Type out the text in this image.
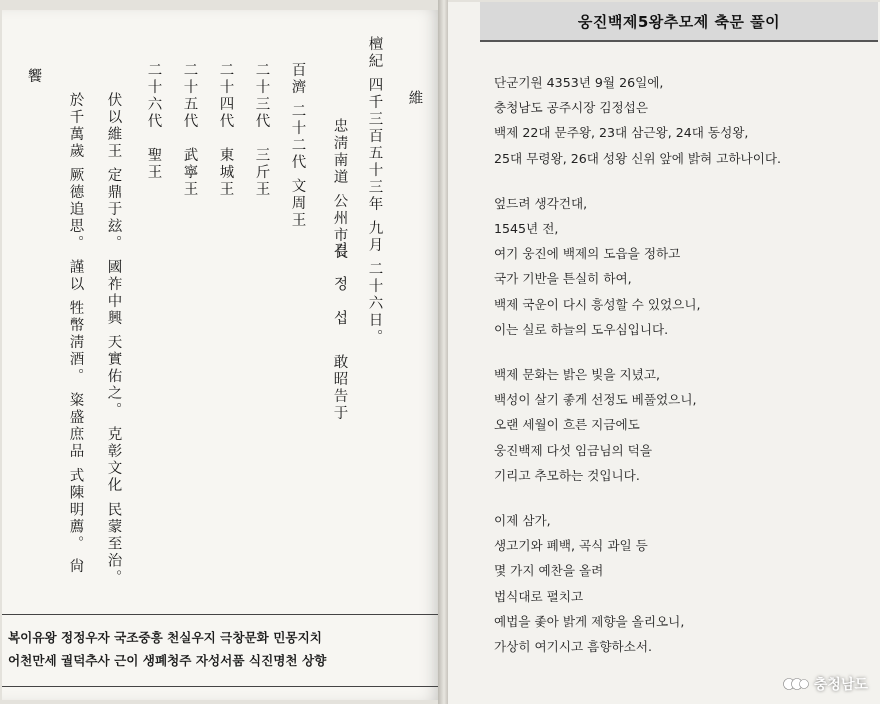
維
檀紀 四千三百五十三年 九月 二十六日。
忠淸南道 公州市長
百濟 二十二代 文周王
二十三代　三斤王
二十四代　東城王
二十五代　武寧王
二十六代　聖王
伏以維王 定鼎于玆。 國祚中興 天實佑之。 克彰文化 民蒙至治。
於千萬歲 厥德追思。 謹以 牲幣淸酒。 粢盛庶品 式陳明薦。
饗
김　정　섭
敢昭告于
尙
복이유왕 정정우자 국조중흥 천실우지 극창문화 민몽지치
어천만세 궐덕추사 근이 생폐청주 자성서품 식진명천 상향
웅진백제5왕추모제 축문 풀이
단군기원 4353년 9월 26일에,
충청남도 공주시장 김정섭은
백제 22대 문주왕, 23대 삼근왕, 24대 동성왕,
25대 무령왕, 26대 성왕 신위 앞에 밝혀 고하나이다.
엎드려 생각건대,
1545년 전,
여기 웅진에 백제의 도읍을 정하고
국가 기반을 튼실히 하여,
백제 국운이 다시 흥성할 수 있었으니,
이는 실로 하늘의 도우심입니다.
백제 문화는 밝은 빛을 지녔고,
백성이 살기 좋게 선정도 베풀었으니,
오랜 세월이 흐른 지금에도
웅진백제 다섯 임금님의 덕을
기리고 추모하는 것입니다.
이제 삼가,
생고기와 폐백, 곡식 과일 등
몇 가지 예찬을 올려
법식대로 펼치고
예법을 좇아 밝게 제향을 올리오니,
가상히 여기시고 흠향하소서.
충청남도
